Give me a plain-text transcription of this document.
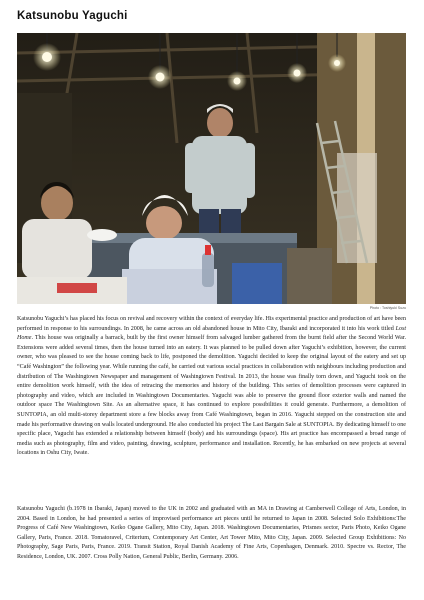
Katsunobu Yaguchi
Photo : Toshiyuki Suzu

Katsunobu Yaguchi’s has placed his focus on revival and recovery within the context of everyday life. His experimental practice and production of art have been performed in response to his surroundings. In 2008, he came across an old abandoned house in Mito City, Ibaraki and incorporated it into his work titled Lost Home. This house was originally a barrack, built by the first owner himself from salvaged lumber gathered from the burnt field after the Second World War. Extensions were added several times, then the house turned into an eatery. It was planned to be pulled down after Yaguchi’s exhibition, however, the current owner, who was pleased to see the house coming back to life, postponed the demolition. Yaguchi decided to keep the original layout of the eatery and set up “Café Washington” the following year. While running the café, he carried out various social practices in collaboration with neighbours including production and distribution of The Washingtown Newspaper and management of Washingtown Festival. In 2013, the house was finally torn down, and Yaguchi took on the entire demolition work himself, with the idea of retracing the memories and history of the building. This series of demolition processes were captured in photography and video, which are included in Washingtown Documentaries. Yaguchi was able to preserve the ground floor exterior walls and named the outdoor space The Washingtown Site. As an alternative space, it has continued to explore possibilities it could generate. Furthermore, a demolition of SUNTOPIA, an old multi-storey department store a few blocks away from Café Washingtown, began in 2016. Yaguchi stepped on the construction site and made his performative drawing on walls located underground. He also conducted his project The Last Bargain Sale at SUNTOPIA. By dedicating himself to one specific place, Yaguchi has extended a relationship between himself (body) and his surroundings (space). His art practice has encompassed a broad range of media such as photography, film and video, painting, drawing, sculpture, performance and installation. Recently, he has embarked on new projects at several locations in Oshu City, Iwate.

Katsunobu Yaguchi (b.1978 in Ibaraki, Japan) moved to the UK in 2002 and graduated with an MA in Drawing at Camberwell College of Arts, London, in 2004. Based in London, he had presented a series of improvised performance art pieces until he returned to Japan in 2008. Selected Solo Exhibitions:The Progress of Café New Washingtown, Keiko Ogane Gallery, Mito City, Japan. 2018. Washingtown Documentaries, Prismes sector, Paris Photo, Keiko Ogane Gallery, Paris, France. 2018. Tomatoravel, Criterium, Contemporary Art Center, Art Tower Mito, Mito City, Japan. 2009. Selected Group Exhibitions: No Photography, Sage Paris, Paris, France. 2019. Transit Station, Royal Danish Academy of Fine Arts, Copenhagen, Denmark. 2010. Spectre vs. Rector, The Residence, London, UK. 2007. Cross Polly Nation, General Public, Berlin, Germany. 2006.
